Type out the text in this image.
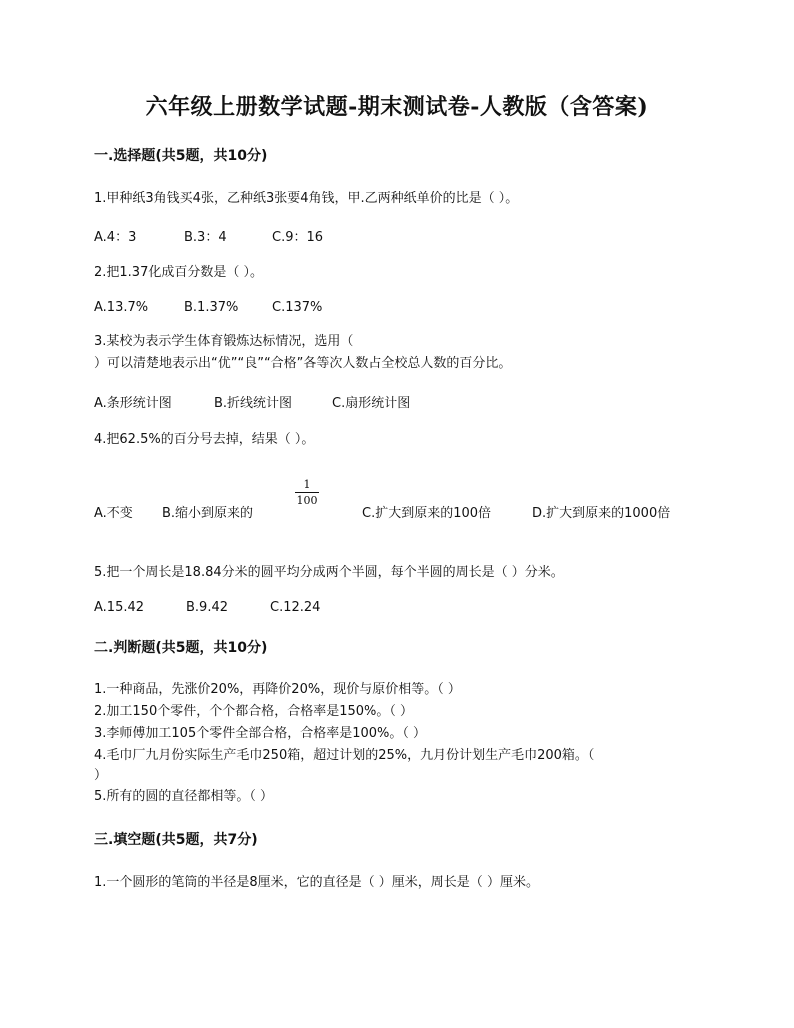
六年级上册数学试题-期末测试卷-人教版（含答案)
一.选择题(共5题，共10分)
1.甲种纸3角钱买4张，乙种纸3张要4角钱，甲.乙两种纸单价的比是（ ）。
A.4：3	B.3：4	C.9：16
2.把1.37化成百分数是（ ）。
A.13.7%	B.1.37%	C.137%
3.某校为表示学生体育锻炼达标情况，选用（
）可以清楚地表示出“优”“良”“合格”各等次人数占全校总人数的百分比。
A.条形统计图	B.折线统计图	C.扇形统计图
4.把62.5%的百分号去掉，结果（ ）。
1
100
A.不变 B.缩小到原来的	C.扩大到原来的100倍	D.扩大到原来的1000倍
5.把一个周长是18.84分米的圆平均分成两个半圆，每个半圆的周长是（ ）分米。
A.15.42	B.9.42	C.12.24
二.判断题(共5题，共10分)
1.一种商品，先涨价20%，再降价20%，现价与原价相等。（ ）
2.加工150个零件，个个都合格，合格率是150%。（ ）
3.李师傅加工105个零件全部合格，合格率是100%。（ ）
4.毛巾厂九月份实际生产毛巾250箱，超过计划的25%，九月份计划生产毛巾200箱。（
）
5.所有的圆的直径都相等。（ ）
三.填空题(共5题，共7分)
1.一个圆形的笔筒的半径是8厘米，它的直径是（ ）厘米，周长是（ ）厘米。
